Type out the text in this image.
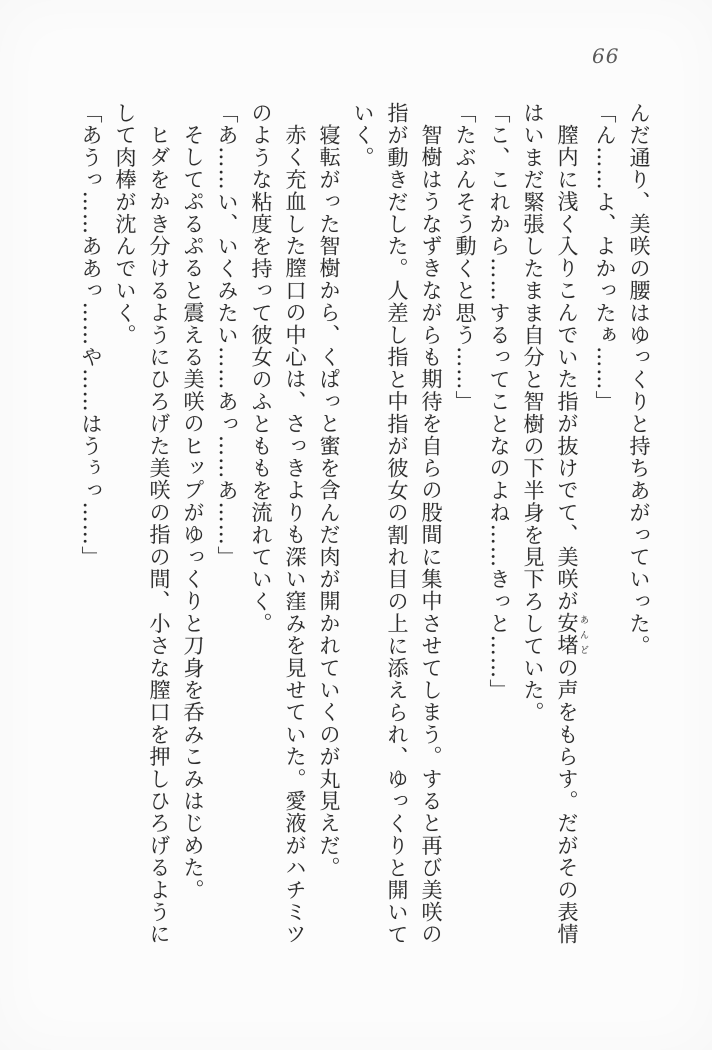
66

んだ通り、美咲の腰はゆっくりと持ちあがっていった。

「ん……よ、よかったぁ……」

膣内に浅く入りこんでいた指が抜けでて、美咲が安堵 あんどの声をもらす。だがその表情はいまだ緊張したまま自分と智樹の下半身を見下ろしていた。

「こ、これから……するってことなのよね……きっと……」

「たぶんそう動くと思う……」

智樹はうなずきながらも期待を自らの股間に集中させてしまう。すると再び美咲の指が動きだした。人差し指と中指が彼女の割れ目の上に添えられ、ゆっくりと開いていく。

寝転がった智樹から、くぱっと蜜を含んだ肉が開かれていくのが丸見えだ。

赤く充血した膣口の中心は、さっきよりも深い窪みを見せていた。愛液がハチミツのような粘度を持って彼女のふとももを流れていく。

「あ……い、いくみたい……あっ……あ……」

そしてぷるぷると震える美咲のヒップがゆっくりと刀身を呑みこみはじめた。

ヒダをかき分けるようにひろげた美咲の指の間、小さな膣口を押しひろげるようにして肉棒が沈んでいく。

「あうっ……ああっ……や……はうぅっ……」
